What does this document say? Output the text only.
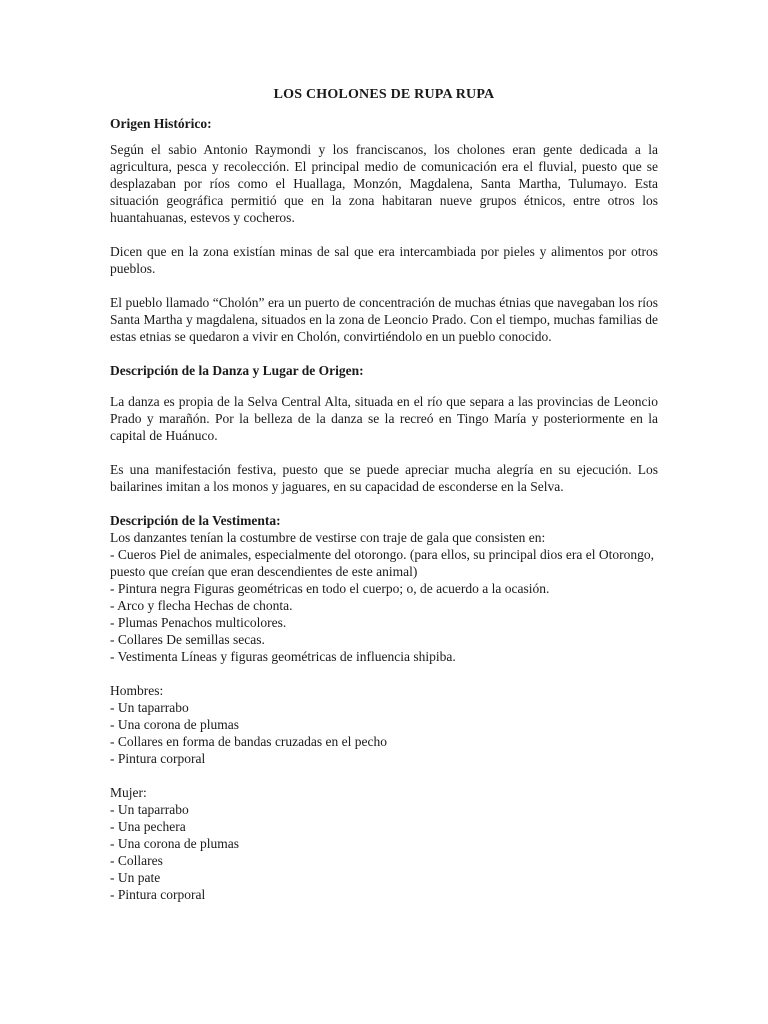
LOS CHOLONES DE RUPA RUPA
Origen Histórico:

Según el sabio Antonio Raymondi y los franciscanos, los cholones eran gente dedicada a la agricultura, pesca y recolección. El principal medio de comunicación era el fluvial, puesto que se desplazaban por ríos como el Huallaga, Monzón, Magdalena, Santa Martha, Tulumayo. Esta situación geográfica permitió que en la zona habitaran nueve grupos étnicos, entre otros los huantahuanas, estevos y cocheros.

Dicen que en la zona existían minas de sal que era intercambiada por pieles y alimentos por otros pueblos.

El pueblo llamado “Cholón” era un puerto de concentración de muchas étnias que navegaban los ríos Santa Martha y magdalena, situados en la zona de Leoncio Prado. Con el tiempo, muchas familias de estas etnias se quedaron a vivir en Cholón, convirtiéndolo en un pueblo conocido.

Descripción de la Danza y Lugar de Origen:

La danza es propia de la Selva Central Alta, situada en el río que separa a las provincias de Leoncio Prado y marañón. Por la belleza de la danza se la recreó en Tingo María y posteriormente en la capital de Huánuco.

Es una manifestación festiva, puesto que se puede apreciar mucha alegría en su ejecución. Los bailarines imitan a los monos y jaguares, en su capacidad de esconderse en la Selva.

Descripción de la Vestimenta:
Los danzantes tenían la costumbre de vestirse con traje de gala que consisten en:
- Cueros Piel de animales, especialmente del otorongo. (para ellos, su principal dios era el Otorongo, puesto que creían que eran descendientes de este animal)
- Pintura negra Figuras geométricas en todo el cuerpo; o, de acuerdo a la ocasión.
- Arco y flecha Hechas de chonta.
- Plumas Penachos multicolores.
- Collares De semillas secas.
- Vestimenta Líneas y figuras geométricas de influencia shipiba.
Hombres:
- Un taparrabo
- Una corona de plumas
- Collares en forma de bandas cruzadas en el pecho
- Pintura corporal
Mujer:
- Un taparrabo
- Una pechera
- Una corona de plumas
- Collares
- Un pate
- Pintura corporal
